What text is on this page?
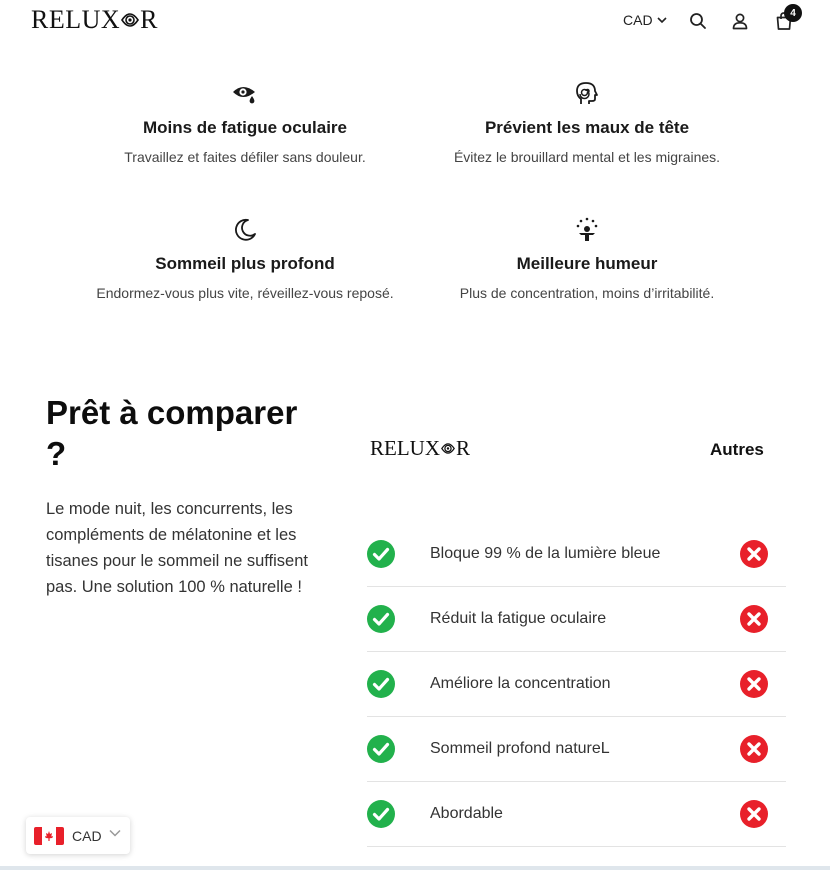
RELUX R	CAD	4
Moins de fatigue oculaire
Travaillez et faites défiler sans douleur.
Prévient les maux de tête
Évitez le brouillard mental et les migraines.
Sommeil plus profond
Endormez-vous plus vite, réveillez-vous reposé.
Meilleure humeur
Plus de concentration, moins d’irritabilité.
Prêt à comparer
?
Le mode nuit, les concurrents, les compléments de mélatonine et les tisanes pour le sommeil ne suffisent pas. Une solution 100 % naturelle !
RELUX R	Autres
Bloque 99 % de la lumière bleue
Réduit la fatigue oculaire
Améliore la concentration
Sommeil profond natureL
Abordable
CAD
